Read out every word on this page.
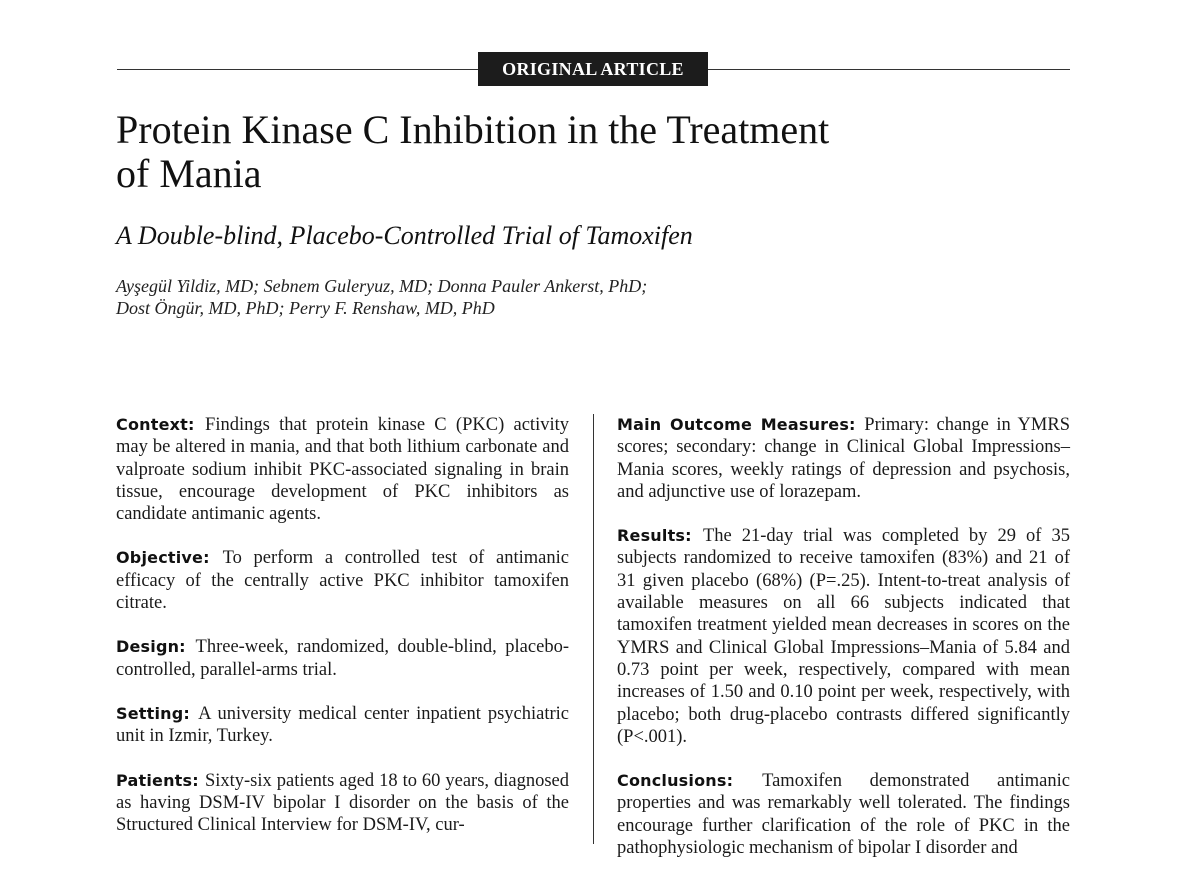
ORIGINAL ARTICLE
Protein Kinase C Inhibition in the Treatment
of Mania
A Double-blind, Placebo-Controlled Trial of Tamoxifen
Ayşegül Yildiz, MD; Sebnem Guleryuz, MD; Donna Pauler Ankerst, PhD;
Dost Öngür, MD, PhD; Perry F. Renshaw, MD, PhD

Context: Findings that protein kinase C (PKC) activity may be altered in mania, and that both lithium carbonate and valproate sodium inhibit PKC-associated signaling in brain tissue, encourage development of PKC inhibitors as candidate antimanic agents.

Objective: To perform a controlled test of antimanic efficacy of the centrally active PKC inhibitor tamoxifen citrate.

Design: Three-week, randomized, double-blind, placebo-controlled, parallel-arms trial.

Setting: A university medical center inpatient psychiatric unit in Izmir, Turkey.

Patients: Sixty-six patients aged 18 to 60 years, diagnosed as having DSM-IV bipolar I disorder on the basis of the Structured Clinical Interview for DSM-IV, cur-

Main Outcome Measures: Primary: change in YMRS scores; secondary: change in Clinical Global Impressions–Mania scores, weekly ratings of depression and psychosis, and adjunctive use of lorazepam.

Results: The 21-day trial was completed by 29 of 35 subjects randomized to receive tamoxifen (83%) and 21 of 31 given placebo (68%) (P=.25). Intent-to-treat analysis of available measures on all 66 subjects indicated that tamoxifen treatment yielded mean decreases in scores on the YMRS and Clinical Global Impressions–Mania of 5.84 and 0.73 point per week, respectively, compared with mean increases of 1.50 and 0.10 point per week, respectively, with placebo; both drug-placebo contrasts differed significantly (P<.001).

Conclusions: Tamoxifen demonstrated antimanic properties and was remarkably well tolerated. The findings encourage further clarification of the role of PKC in the pathophysiologic mechanism of bipolar I disorder and
